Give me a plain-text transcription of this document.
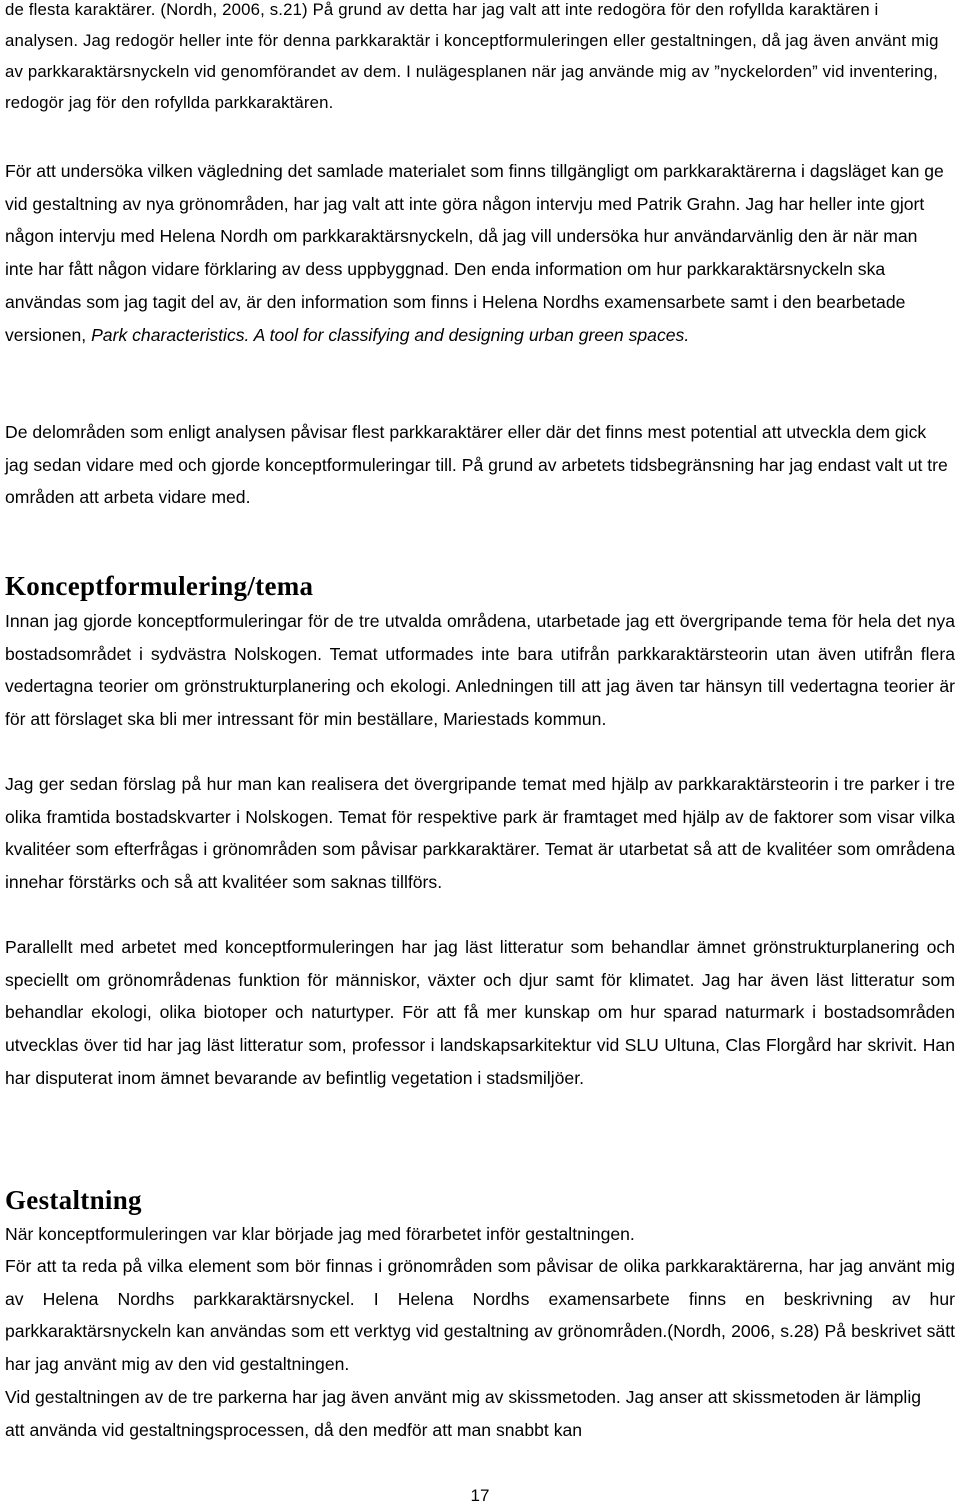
de flesta karaktärer. (Nordh, 2006, s.21) På grund av detta har jag valt att inte redogöra för den rofyllda karaktären i analysen. Jag redogör heller inte för denna parkkaraktär i konceptformuleringen eller gestaltningen, då jag även använt mig av parkkaraktärsnyckeln vid genomförandet av dem. I nulägesplanen när jag använde mig av ”nyckelorden” vid inventering, redogör jag för den rofyllda parkkaraktären.

För att undersöka vilken vägledning det samlade materialet som finns tillgängligt om parkkaraktärerna i dagsläget kan ge vid gestaltning av nya grönområden, har jag valt att inte göra någon intervju med Patrik Grahn. Jag har heller inte gjort någon intervju med Helena Nordh om parkkaraktärsnyckeln, då jag vill undersöka hur användarvänlig den är när man inte har fått någon vidare förklaring av dess uppbyggnad. Den enda information om hur parkkaraktärsnyckeln ska användas som jag tagit del av, är den information som finns i Helena Nordhs examensarbete samt i den bearbetade versionen, Park characteristics. A tool for classifying and designing urban green spaces.

De delområden som enligt analysen påvisar flest parkkaraktärer eller där det finns mest potential att utveckla dem gick jag sedan vidare med och gjorde konceptformuleringar till. På grund av arbetets tidsbegränsning har jag endast valt ut tre områden att arbeta vidare med.

Konceptformulering/tema

Innan jag gjorde konceptformuleringar för de tre utvalda områdena, utarbetade jag ett övergripande tema för hela det nya bostadsområdet i sydvästra Nolskogen. Temat utformades inte bara utifrån parkkaraktärsteorin utan även utifrån flera vedertagna teorier om grönstrukturplanering och ekologi. Anledningen till att jag även tar hänsyn till vedertagna teorier är för att förslaget ska bli mer intressant för min beställare, Mariestads kommun.

Jag ger sedan förslag på hur man kan realisera det övergripande temat med hjälp av parkkaraktärsteorin i tre parker i tre olika framtida bostadskvarter i Nolskogen. Temat för respektive park är framtaget med hjälp av de faktorer som visar vilka kvalitéer som efterfrågas i grönområden som påvisar parkkaraktärer. Temat är utarbetat så att de kvalitéer som områdena innehar förstärks och så att kvalitéer som saknas tillförs.

Parallellt med arbetet med konceptformuleringen har jag läst litteratur som behandlar ämnet grönstrukturplanering och speciellt om grönområdenas funktion för människor, växter och djur samt för klimatet. Jag har även läst litteratur som behandlar ekologi, olika biotoper och naturtyper. För att få mer kunskap om hur sparad naturmark i bostadsområden utvecklas över tid har jag läst litteratur som, professor i landskapsarkitektur vid SLU Ultuna, Clas Florgård har skrivit. Han har disputerat inom ämnet bevarande av befintlig vegetation i stadsmiljöer.

Gestaltning

När konceptformuleringen var klar började jag med förarbetet inför gestaltningen.

För att ta reda på vilka element som bör finnas i grönområden som påvisar de olika parkkaraktärerna, har jag använt mig av Helena Nordhs parkkaraktärsnyckel. I Helena Nordhs examensarbete finns en beskrivning av hur parkkaraktärsnyckeln kan användas som ett verktyg vid gestaltning av grönområden.(Nordh, 2006, s.28) På beskrivet sätt har jag använt mig av den vid gestaltningen.

Vid gestaltningen av de tre parkerna har jag även använt mig av skissmetoden. Jag anser att skissmetoden är lämplig att använda vid gestaltningsprocessen, då den medför att man snabbt kan

17
